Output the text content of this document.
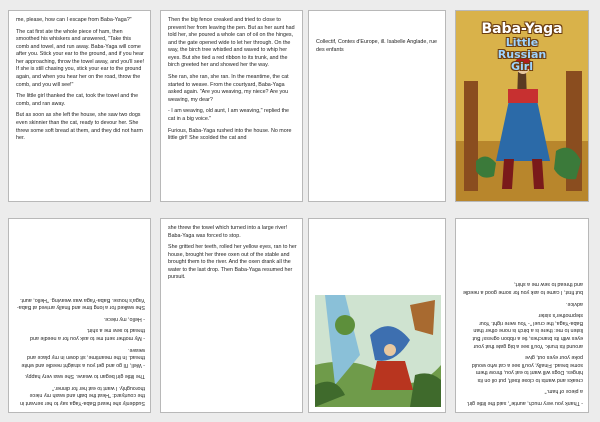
me, please, how can I escape from Baba-Yaga?"

The cat first ate the whole piece of ham, then smoothed his whiskers and answered, "Take this comb and towel, and run away. Baba-Yaga will come after you. Stick your ear to the ground, and if you hear her approaching, throw the towel away, and you'll see! If she is still chasing you, stick your ear to the ground again, and when you hear her on the road, throw the comb, and you will see!"

The little girl thanked the cat, took the towel and the comb, and ran away.

But as soon as she left the house, she saw two dogs even skinnier than the cat, ready to devour her. She threw some soft bread at them, and they did not harm her.

Then the big fence creaked and tried to close to prevent her from leaving the pen. But as her aunt had told her, she poured a whole can of oil on the hinges, and the gate opened wide to let her through. On the way, the birch tree whistled and waved to whip her eyes. But she tied a red ribbon to its trunk, and the birch greeted her and showed her the way.

She ran, she ran, she ran. In the meantime, the cat started to weave. From the courtyard, Baba-Yaga asked again. "Are you weaving, my niece? Are you weaving, my dear?

- I am weaving, old aunt, I am weaving," replied the cat in a big voice."

Furious, Baba-Yaga rushed into the house. No more little girl! She scolded the cat and

Collectif, Contes d'Europe, ill. Isabelle Anglade, rue des enfants

Baba-Yaga
Little
Russian
Girl

Suddenly she heard Baba-Yaga say to her servant in the courtyard: "Heat the bath and wash my niece thoroughly. I want to eat her for dinner."

The little girl began to weave. She was very happy.

- Well, I'll go and get you a straight needle and white thread. In the meantime, sit down in my place and weave.

- My mother sent me to ask you for a needle and thread to sew me a shirt.

- Hello, my niece.

She walked for a long time and finally arrived at Baba-Yaga's house. Baba-Yaga was weaving. "Hello, aunt.

she threw the towel which turned into a large river! Baba-Yaga was forced to stop.

She gritted her teeth, rolled her yellow eyes, ran to her house, brought her three oxen out of the stable and brought them to the river. And the oxen drank all the water to the last drop. Then Baba-Yaga resumed her pursuit.

- Thank you very much, auntie", said the little girl.

a piece of ham."

creaks and wants to close itself, put oil on its hinges. Dogs will want to eat you, throw them some bread. Finally, you'll see a cat who would poke your eyes out, give

around its trunk. You'll see a big gate that your eyes with its branches, tie a ribbon ogress! But listen to me: there is a birch is none other than Baba-Yaga, the cruel "- You were right. Your stepmother's sister

advice.

but first, I came to ask you for some good a needle and thread to sew me a shirt,
